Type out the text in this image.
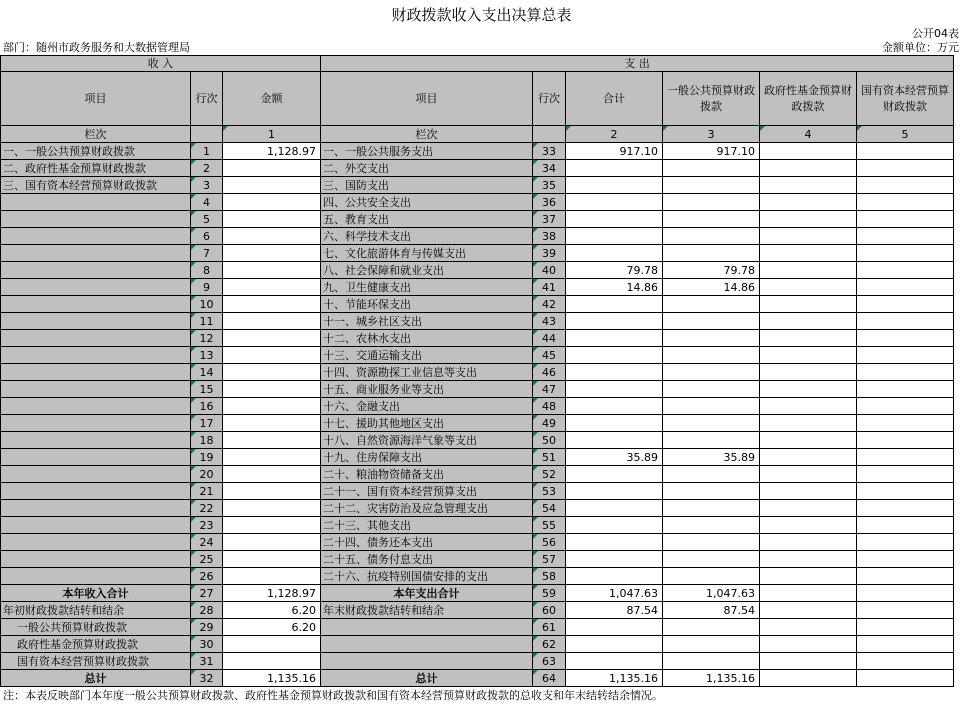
财政拨款收入支出决算总表
公开04表
部门：随州市政务服务和大数据管理局	金额单位：万元
收 入			支 出					
项目	行次	金额	项目	行次	合计	一般公共预算财政拨款	政府性基金预算财政拨款	国有资本经营预算财政拨款
栏次		1	栏次		2	3	4	5
一、一般公共预算财政拨款	1	1,128.97	一、一般公共服务支出	33	917.10	917.10		
二、政府性基金预算财政拨款	2		二、外交支出	34				
三、国有资本经营预算财政拨款	3		三、国防支出	35				
	4		四、公共安全支出	36				
	5		五、教育支出	37				
	6		六、科学技术支出	38				
	7		七、文化旅游体育与传媒支出	39				
	8		八、社会保障和就业支出	40	79.78	79.78		
	9		九、卫生健康支出	41	14.86	14.86		
	10		十、节能环保支出	42				
	11		十一、城乡社区支出	43				
	12		十二、农林水支出	44				
	13		十三、交通运输支出	45				
	14		十四、资源勘探工业信息等支出	46				
	15		十五、商业服务业等支出	47				
	16		十六、金融支出	48				
	17		十七、援助其他地区支出	49				
	18		十八、自然资源海洋气象等支出	50				
	19		十九、住房保障支出	51	35.89	35.89		
	20		二十、粮油物资储备支出	52				
	21		二十一、国有资本经营预算支出	53				
	22		二十二、灾害防治及应急管理支出	54				
	23		二十三、其他支出	55				
	24		二十四、债务还本支出	56				
	25		二十五、债务付息支出	57				
	26		二十六、抗疫特别国债安排的支出	58				
本年收入合计	27	1,128.97	本年支出合计	59	1,047.63	1,047.63		
年初财政拨款结转和结余	28	6.20	年末财政拨款结转和结余	60	87.54	87.54		
一般公共预算财政拨款	29	6.20		61				
政府性基金预算财政拨款	30			62				
国有资本经营预算财政拨款	31			63				
总计	32	1,135.16	总计	64	1,135.16	1,135.16		
注：本表反映部门本年度一般公共预算财政拨款、政府性基金预算财政拨款和国有资本经营预算财政拨款的总收支和年末结转结余情况。
